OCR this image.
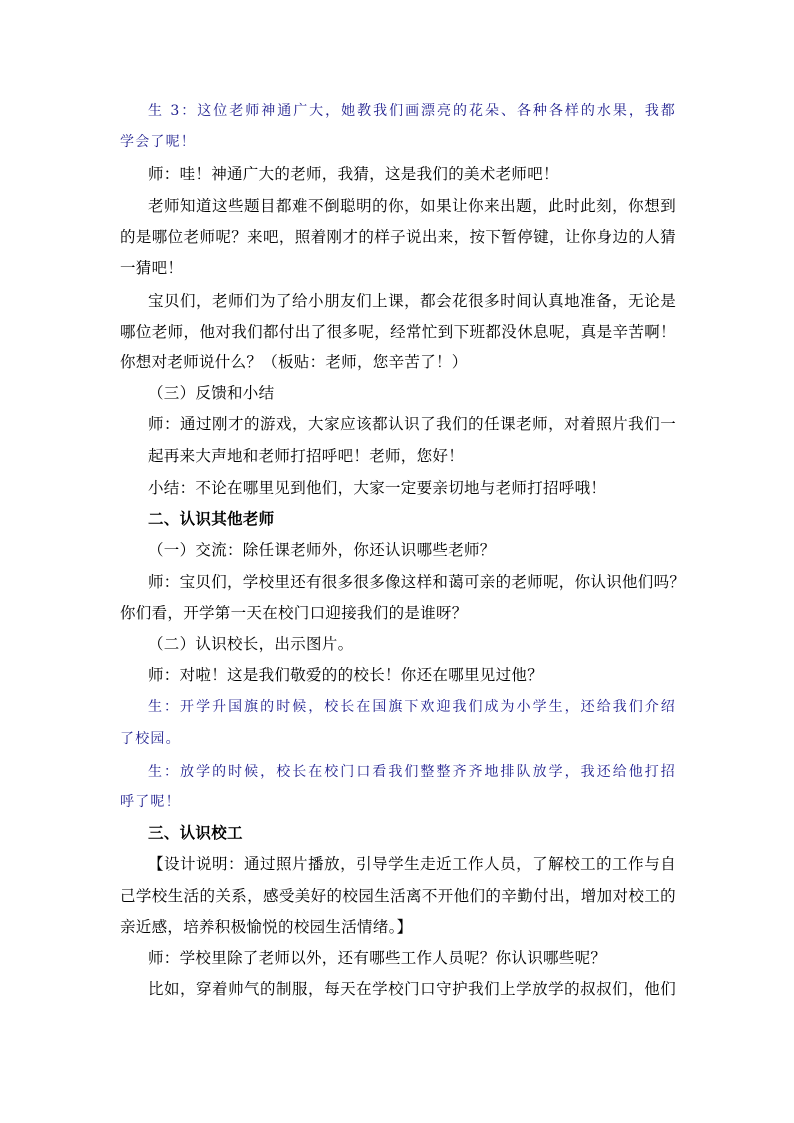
生 3：这位老师神通广大，她教我们画漂亮的花朵、各种各样的水果，我都
学会了呢！
师：哇！神通广大的老师，我猜，这是我们的美术老师吧！
老师知道这些题目都难不倒聪明的你，如果让你来出题，此时此刻，你想到
的是哪位老师呢？来吧，照着刚才的样子说出来，按下暂停键，让你身边的人猜
一猜吧！
宝贝们，老师们为了给小朋友们上课，都会花很多时间认真地准备，无论是
哪位老师，他对我们都付出了很多呢，经常忙到下班都没休息呢，真是辛苦啊！
你想对老师说什么？（板贴：老师，您辛苦了！）
（三）反馈和小结
师：通过刚才的游戏，大家应该都认识了我们的任课老师，对着照片我们一
起再来大声地和老师打招呼吧！老师，您好！
小结：不论在哪里见到他们，大家一定要亲切地与老师打招呼哦！
二、认识其他老师
（一）交流：除任课老师外，你还认识哪些老师？
师：宝贝们，学校里还有很多很多像这样和蔼可亲的老师呢，你认识他们吗？
你们看，开学第一天在校门口迎接我们的是谁呀？
（二）认识校长，出示图片。
师：对啦！这是我们敬爱的的校长！你还在哪里见过他？
生：开学升国旗的时候，校长在国旗下欢迎我们成为小学生，还给我们介绍
了校园。
生：放学的时候，校长在校门口看我们整整齐齐地排队放学，我还给他打招
呼了呢！
三、认识校工
【设计说明：通过照片播放，引导学生走近工作人员，了解校工的工作与自
己学校生活的关系，感受美好的校园生活离不开他们的辛勤付出，增加对校工的
亲近感，培养积极愉悦的校园生活情绪。】
师：学校里除了老师以外，还有哪些工作人员呢？你认识哪些呢？
比如，穿着帅气的制服，每天在学校门口守护我们上学放学的叔叔们，他们
